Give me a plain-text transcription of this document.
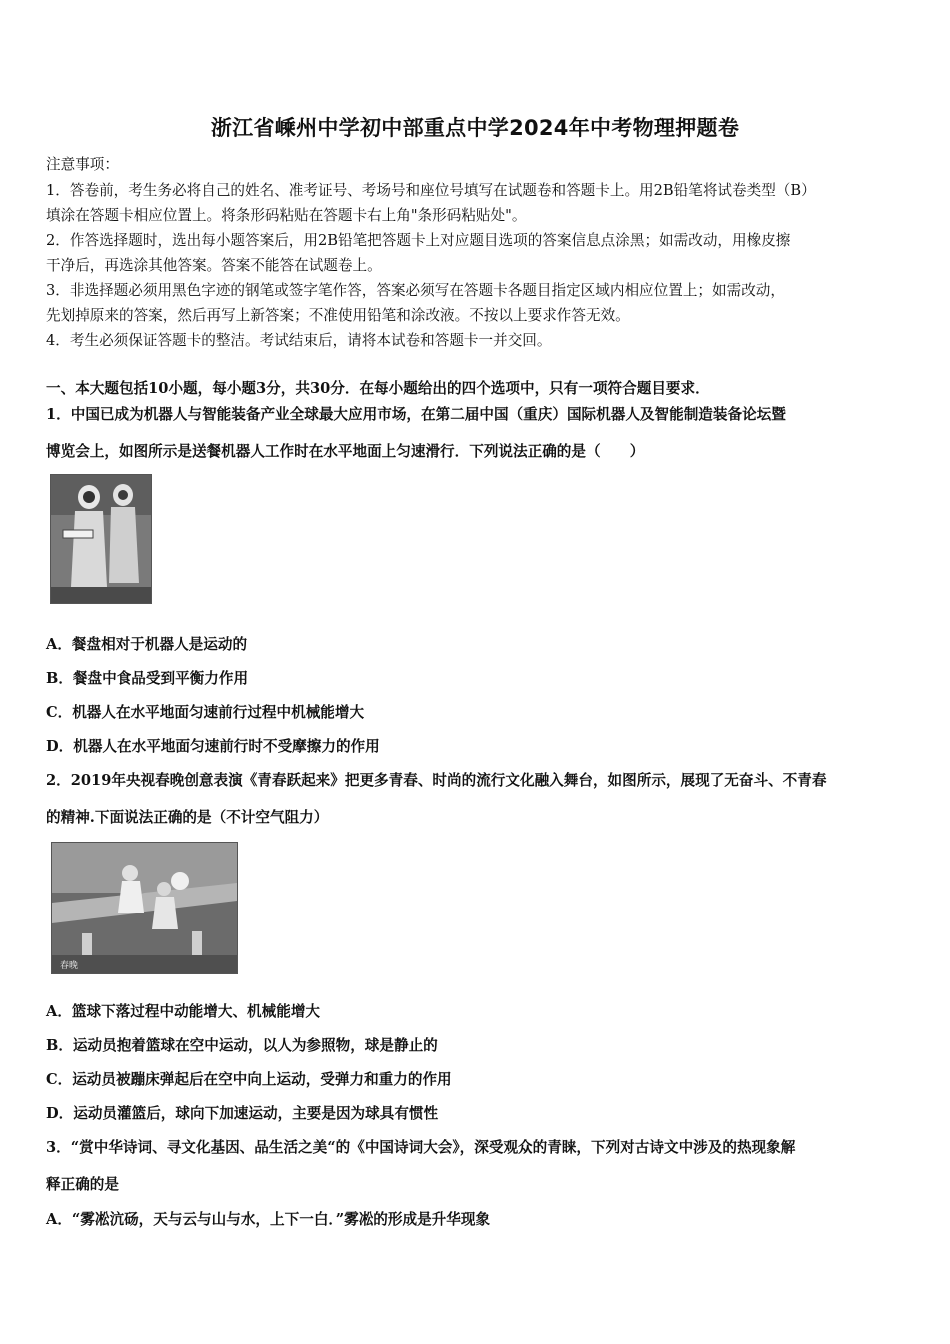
浙江省嵊州中学初中部重点中学2024年中考物理押题卷
注意事项：
1．答卷前，考生务必将自己的姓名、准考证号、考场号和座位号填写在试题卷和答题卡上。用2B铅笔将试卷类型（B）
填涂在答题卡相应位置上。将条形码粘贴在答题卡右上角"条形码粘贴处"。
2．作答选择题时，选出每小题答案后，用2B铅笔把答题卡上对应题目选项的答案信息点涂黑；如需改动，用橡皮擦
干净后，再选涂其他答案。答案不能答在试题卷上。
3．非选择题必须用黑色字迹的钢笔或签字笔作答，答案必须写在答题卡各题目指定区域内相应位置上；如需改动，
先划掉原来的答案，然后再写上新答案；不准使用铅笔和涂改液。不按以上要求作答无效。
4．考生必须保证答题卡的整洁。考试结束后，请将本试卷和答题卡一并交回。
一、本大题包括10小题，每小题3分，共30分．在每小题给出的四个选项中，只有一项符合题目要求．
1．中国已成为机器人与智能装备产业全球最大应用市场，在第二届中国（重庆）国际机器人及智能制造装备论坛暨
博览会上，如图所示是送餐机器人工作时在水平地面上匀速滑行．下列说法正确的是（　　）
A．餐盘相对于机器人是运动的
B．餐盘中食品受到平衡力作用
C．机器人在水平地面匀速前行过程中机械能增大
D．机器人在水平地面匀速前行时不受摩擦力的作用
2．2019年央视春晚创意表演《青春跃起来》把更多青春、时尚的流行文化融入舞台，如图所示，展现了无奋斗、不青春
的精神.下面说法正确的是（不计空气阻力）
春晚
A．篮球下落过程中动能增大、机械能增大
B．运动员抱着篮球在空中运动，以人为参照物，球是静止的
C．运动员被蹦床弹起后在空中向上运动，受弹力和重力的作用
D．运动员灌篮后，球向下加速运动，主要是因为球具有惯性
3．“赏中华诗词、寻文化基因、品生活之美“的《中国诗词大会》，深受观众的青睐，下列对古诗文中涉及的热现象解
释正确的是
A．“雾凇沆砀，天与云与山与水，上下一白．”雾凇的形成是升华现象
